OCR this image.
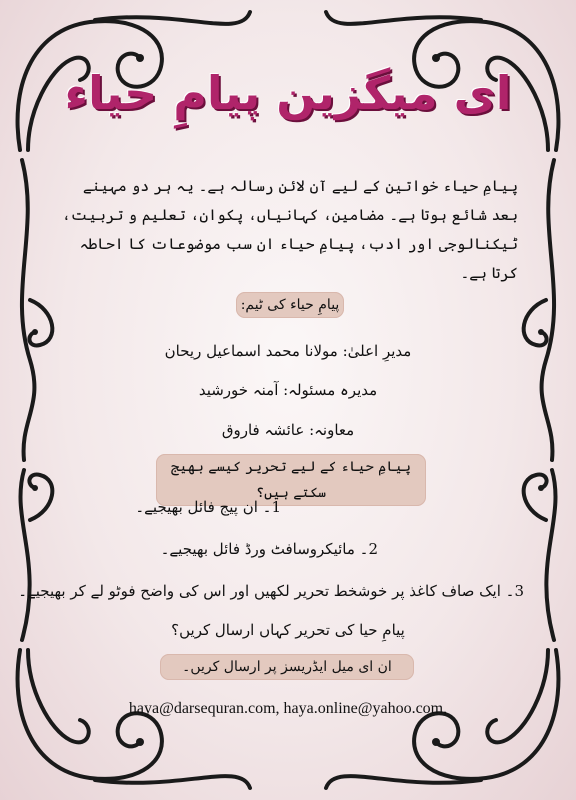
ای میگزین پیامِ حیاء
پیامِ حیاء خواتین کے لیے آن لائن رسالہ ہے۔ یہ ہر دو مہینے بعد شائع ہوتا ہے۔ مضامین، کہانیاں، پکوان، تعلیم و تربیت، ٹیکنالوجی اور ادب، پیامِ حیاء ان سب موضوعات کا احاطہ کرتا ہے۔
پیامِ حیاء کی ٹیم:
مدیرِ اعلیٰ: مولانا محمد اسماعیل ریحان
مدیرہ مسئولہ: آمنہ خورشید
معاونہ: عائشہ فاروق
پیامِ حیاء کے لیے تحریر کیسے بھیج سکتے ہیں؟
1۔ ان پیج فائل بھیجیے۔
2۔ مائیکروسافٹ ورڈ فائل بھیجیے۔
3۔ ایک صاف کاغذ پر خوشخط تحریر لکھیں اور اس کی واضح فوٹو لے کر بھیجیے۔
پیامِ حیا کی تحریر کہاں ارسال کریں؟
ان ای میل ایڈریسز پر ارسال کریں۔
haya@darsequran.com, haya.online@yahoo.com,
